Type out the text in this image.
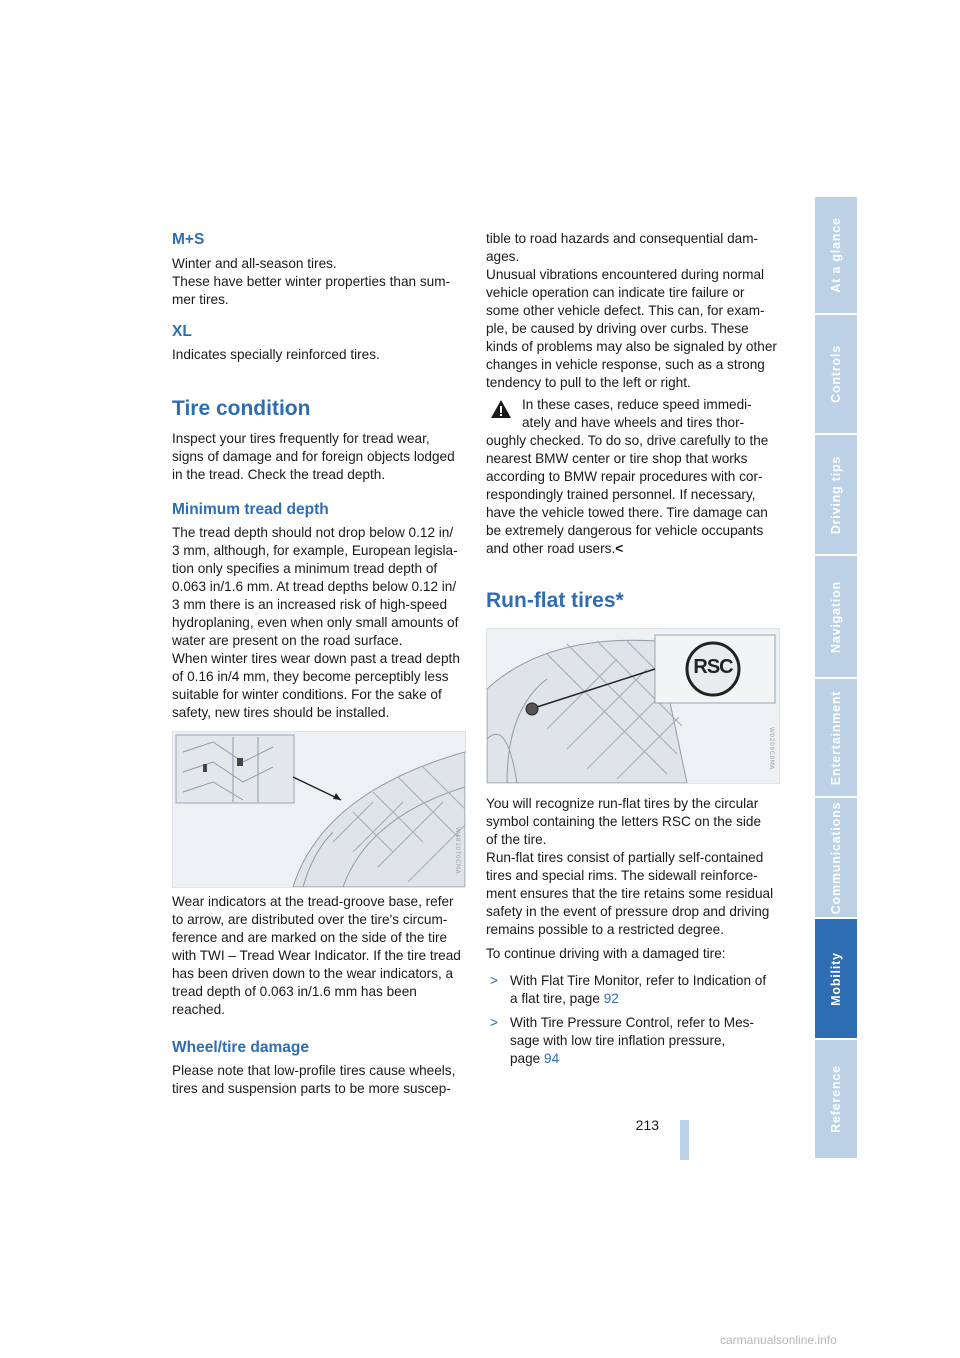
M+S

Winter and all-season tires.
These have better winter properties than sum-
mer tires.

XL

Indicates specially reinforced tires.

Tire condition

Inspect your tires frequently for tread wear,
signs of damage and for foreign objects lodged
in the tread. Check the tread depth.

Minimum tread depth

The tread depth should not drop below 0.12 in/
3 mm, although, for example, European legisla-
tion only specifies a minimum tread depth of
0.063 in/1.6 mm. At tread depths below 0.12 in/
3 mm there is an increased risk of high-speed
hydroplaning, even when only small amounts of
water are present on the road surface.
When winter tires wear down past a tread depth
of 0.16 in/4 mm, they become perceptibly less
suitable for winter conditions. For the sake of
safety, new tires should be installed.

W4810T0CMA

Wear indicators at the tread-groove base, refer
to arrow, are distributed over the tire's circum-
ference and are marked on the side of the tire
with TWI – Tread Wear Indicator. If the tire tread
has been driven down to the wear indicators, a
tread depth of 0.063 in/1.6 mm has been
reached.

Wheel/tire damage

Please note that low-profile tires cause wheels,
tires and suspension parts to be more suscep-

tible to road hazards and consequential dam-
ages.
Unusual vibrations encountered during normal
vehicle operation can indicate tire failure or
some other vehicle defect. This can, for exam-
ple, be caused by driving over curbs. These
kinds of problems may also be signaled by other
changes in vehicle response, such as a strong
tendency to pull to the left or right.

In these cases, reduce speed immedi-
ately and have wheels and tires thor-

oughly checked. To do so, drive carefully to the
nearest BMW center or tire shop that works
according to BMW repair procedures with cor-
respondingly trained personnel. If necessary,
have the vehicle towed there. Tire damage can
be extremely dangerous for vehicle occupants
and other road users.<

Run-flat tires*
RSC
W0209C0MA

You will recognize run-flat tires by the circular
symbol containing the letters RSC on the side
of the tire.
Run-flat tires consist of partially self-contained
tires and special rims. The sidewall reinforce-
ment ensures that the tire retains some residual
safety in the event of pressure drop and driving
remains possible to a restricted degree.

To continue driving with a damaged tire:

> With Flat Tire Monitor, refer to Indication of
a flat tire, page 92
> With Tire Pressure Control, refer to Mes-
sage with low tire inflation pressure,
page 94
At a glance
Controls
Driving tips
Navigation
Entertainment
Communications
Mobility
Reference
213
carmanualsonline.info
